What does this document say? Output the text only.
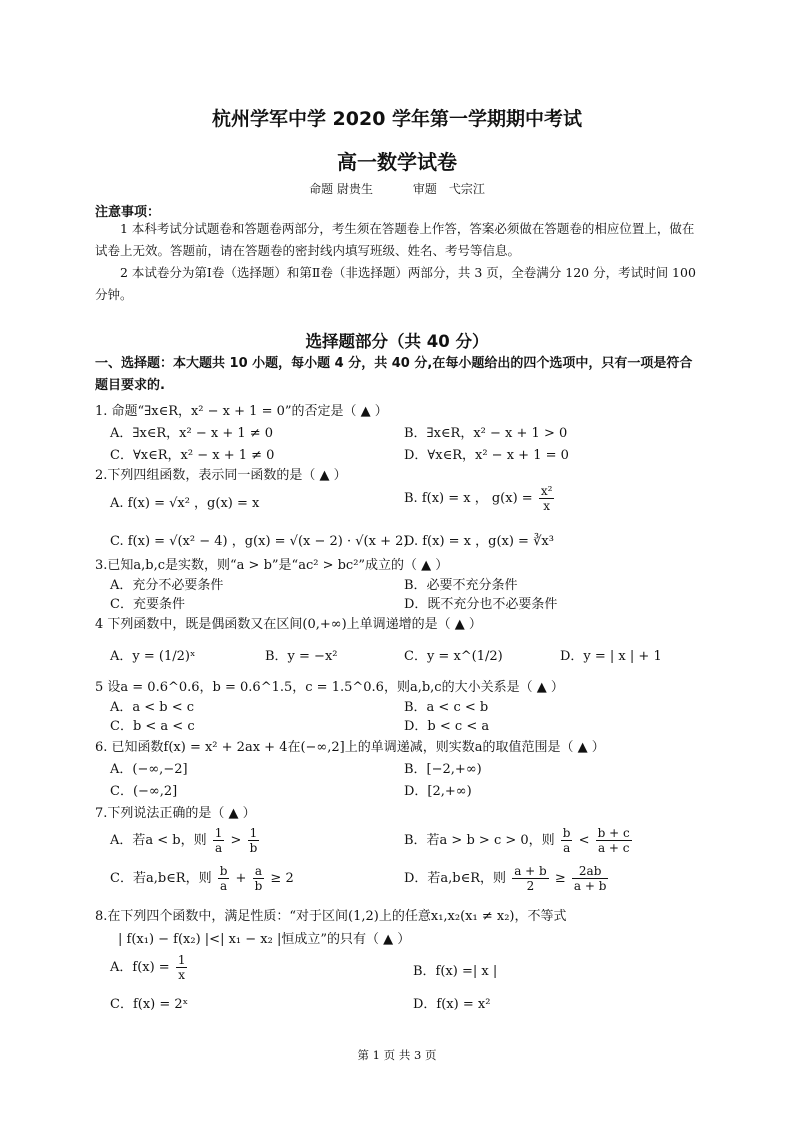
杭州学军中学 2020 学年第一学期期中考试
高一数学试卷
命题 尉贵生	审题　弋宗江
注意事项：
1 本科考试分试题卷和答题卷两部分，考生须在答题卷上作答，答案必须做在答题卷的相应位置上，做在试卷上无效。答题前，请在答题卷的密封线内填写班级、姓名、考号等信息。
2 本试卷分为第Ⅰ卷（选择题）和第Ⅱ卷（非选择题）两部分，共 3 页，全卷满分 120 分，考试时间 100 分钟。
选择题部分（共 40 分）
一、选择题：本大题共 10 小题，每小题 4 分，共 40 分,在每小题给出的四个选项中，只有一项是符合题目要求的.
1. 命题“∃x∈R，x² − x + 1 = 0”的否定是（ ▲ ）
A．∃x∈R，x² − x + 1 ≠ 0	B．∃x∈R，x² − x + 1 > 0
C．∀x∈R，x² − x + 1 ≠ 0	D．∀x∈R，x² − x + 1 = 0
2.下列四组函数，表示同一函数的是（ ▲ ）
A. f(x) = √x² ，g(x) = x	B. f(x) = x ， $g(x) = \frac{\text{x²}}{x}$
C. f(x) = √(x² − 4) ，g(x) = √(x − 2) · √(x + 2)
D. f(x) = x ，g(x) = ∛x³
3.已知a,b,c是实数，则“a > b”是“ac² > bc²”成立的（ ▲ ）
A．充分不必要条件	B．必要不充分条件
C．充要条件	D．既不充分也不必要条件
4 下列函数中，既是偶函数又在区间(0,+∞)上单调递增的是（ ▲ ）
A．y = (1/2)ˣ	B．y = −x²	C．y = x^(1/2)	D．y = | x | + 1
5 设a = 0.6^0.6，b = 0.6^1.5，c = 1.5^0.6，则a,b,c的大小关系是（ ▲ ）
A．a < b < c	B．a < c < b
C．b < a < c	D．b < c < a
6. 已知函数f(x) = x² + 2ax + 4在(−∞,2]上的单调递减，则实数a的取值范围是（ ▲ ）
A．(−∞,−2]	B．[−2,+∞)
C．(−∞,2]	D．[2,+∞)
7.下列说法正确的是（ ▲ ）
A．若a < b，则 $\frac{1}{a} > \frac{1}{b}$	B．若a > b > c > 0，则 $\frac{b}{a} < \frac{b + c}{a + c}$
C．若a,b∈R，则 $\frac{b}{a} + \frac{a}{b} \ge 2$	D．若a,b∈R，则 $\frac{a + b}{2} \ge \frac{2ab}{a + b}$
8.在下列四个函数中，满足性质：“对于区间(1,2)上的任意x₁,x₂(x₁ ≠ x₂)，不等式
| f(x₁) − f(x₂) |<| x₁ − x₂ |恒成立”的只有（ ▲ ）
A．$f(x) = \frac{1}{x}$	B．f(x) =| x |
C．f(x) = 2ˣ	D．f(x) = x²
第 1 页 共 3 页
